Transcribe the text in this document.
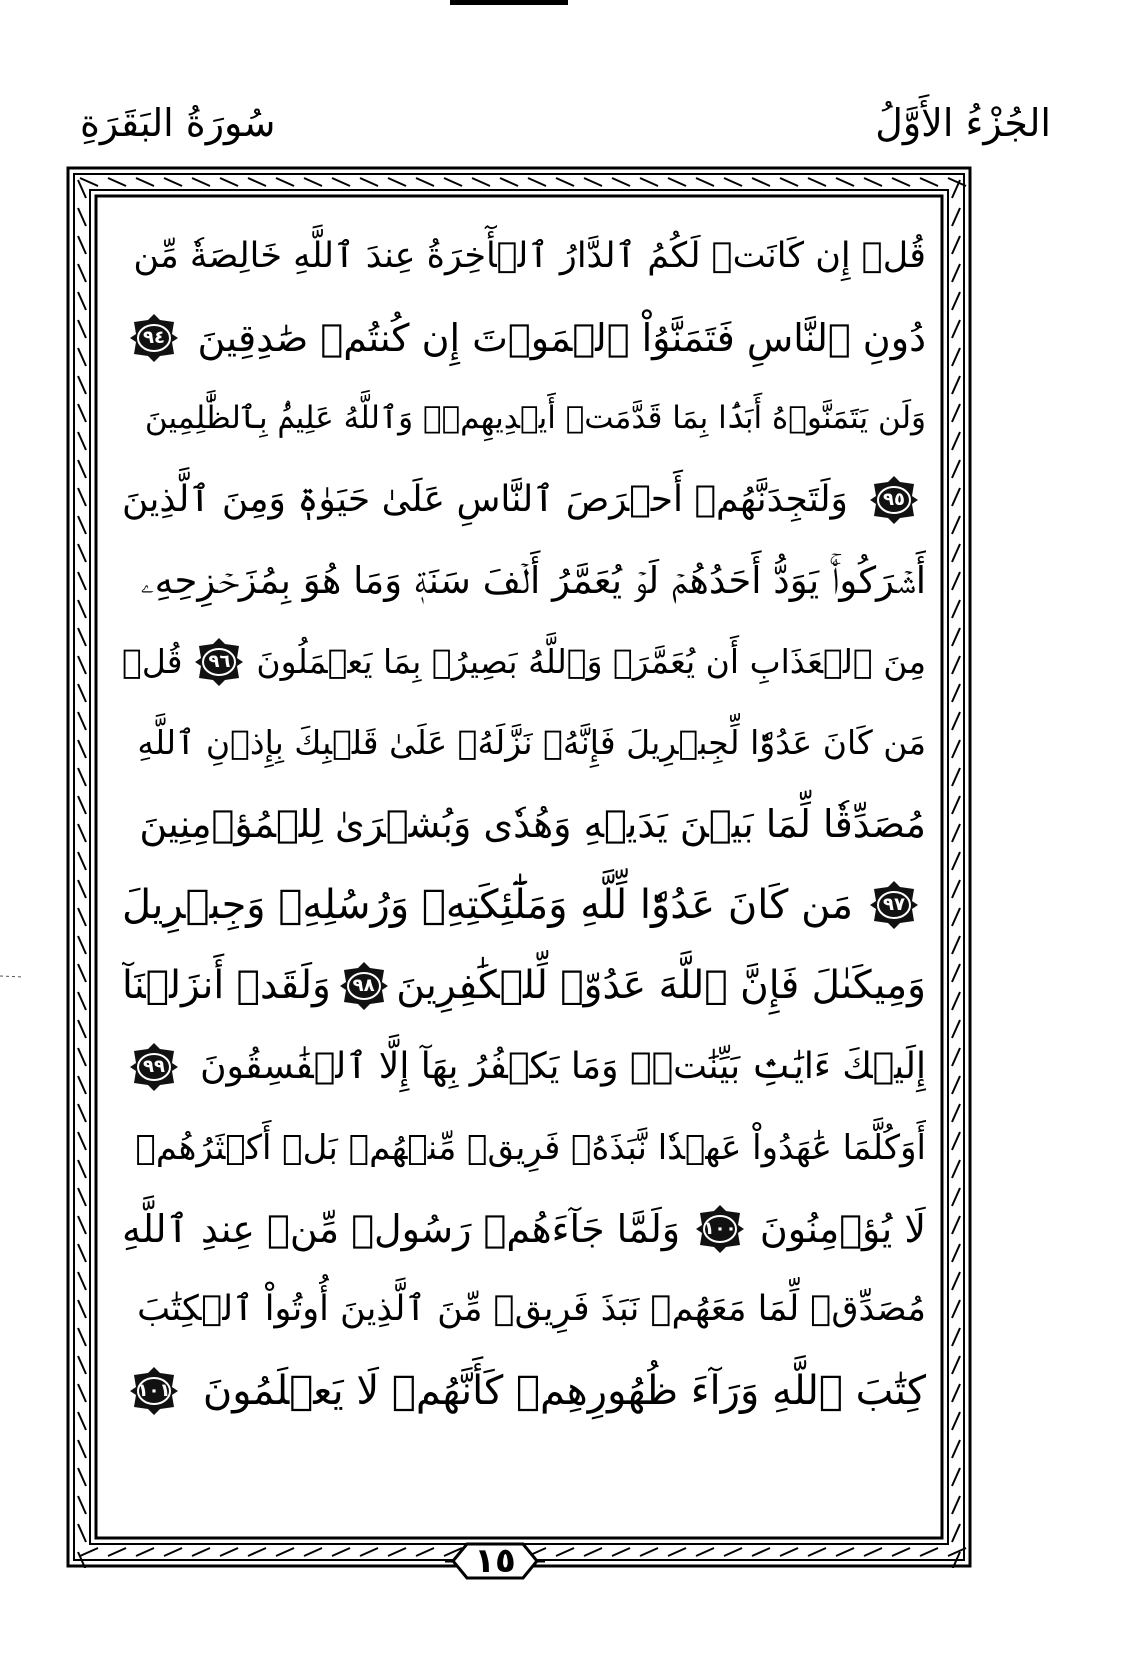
سُورَةُ البَقَرَةِ	الجُزْءُ الأَوَّلُ
قُلۡ إِن كَانَتۡ لَكُمُ ٱلدَّارُ ٱلۡأٓخِرَةُ عِندَ ٱللَّهِ خَالِصَةٗ مِّن
دُونِ ٱلنَّاسِ فَتَمَنَّوُاْ ٱلۡمَوۡتَ إِن كُنتُمۡ صَٰدِقِينَ
٩٤
وَلَن يَتَمَنَّوۡهُ أَبَدَۢا بِمَا قَدَّمَتۡ أَيۡدِيهِمۡۚ وَٱللَّهُ عَلِيمُۢ بِٱلظَّٰلِمِينَ
٩٥
وَلَتَجِدَنَّهُمۡ أَحۡرَصَ ٱلنَّاسِ عَلَىٰ حَيَوٰةٖ وَمِنَ ٱلَّذِينَ
أَشۡرَكُواْۚ يَوَدُّ أَحَدُهُمۡ لَوۡ يُعَمَّرُ أَلۡفَ سَنَةٖ وَمَا هُوَ بِمُزَحۡزِحِهِۦ
مِنَ ٱلۡعَذَابِ أَن يُعَمَّرَۗ وَٱللَّهُ بَصِيرُۢ بِمَا يَعۡمَلُونَ
٩٦
قُلۡ
مَن كَانَ عَدُوّٗا لِّجِبۡرِيلَ فَإِنَّهُۥ نَزَّلَهُۥ عَلَىٰ قَلۡبِكَ بِإِذۡنِ ٱللَّهِ
مُصَدِّقٗا لِّمَا بَيۡنَ يَدَيۡهِ وَهُدٗى وَبُشۡرَىٰ لِلۡمُؤۡمِنِينَ
٩٧
مَن كَانَ عَدُوّٗا لِّلَّهِ وَمَلَٰٓئِكَتِهِۦ وَرُسُلِهِۦ وَجِبۡرِيلَ
وَمِيكَىٰلَ فَإِنَّ ٱللَّهَ عَدُوّٞ لِّلۡكَٰفِرِينَ
٩٨
وَلَقَدۡ أَنزَلۡنَآ
إِلَيۡكَ ءَايَٰتِۢ بَيِّنَٰتٖۖ وَمَا يَكۡفُرُ بِهَآ إِلَّا ٱلۡفَٰسِقُونَ
٩٩
أَوَكُلَّمَا عَٰهَدُواْ عَهۡدٗا نَّبَذَهُۥ فَرِيقٞ مِّنۡهُمۚ بَلۡ أَكۡثَرُهُمۡ
لَا يُؤۡمِنُونَ
١٠٠
وَلَمَّا جَآءَهُمۡ رَسُولٞ مِّنۡ عِندِ ٱللَّهِ
مُصَدِّقٞ لِّمَا مَعَهُمۡ نَبَذَ فَرِيقٞ مِّنَ ٱلَّذِينَ أُوتُواْ ٱلۡكِتَٰبَ
كِتَٰبَ ٱللَّهِ وَرَآءَ ظُهُورِهِمۡ كَأَنَّهُمۡ لَا يَعۡلَمُونَ
١٠١
١٥
